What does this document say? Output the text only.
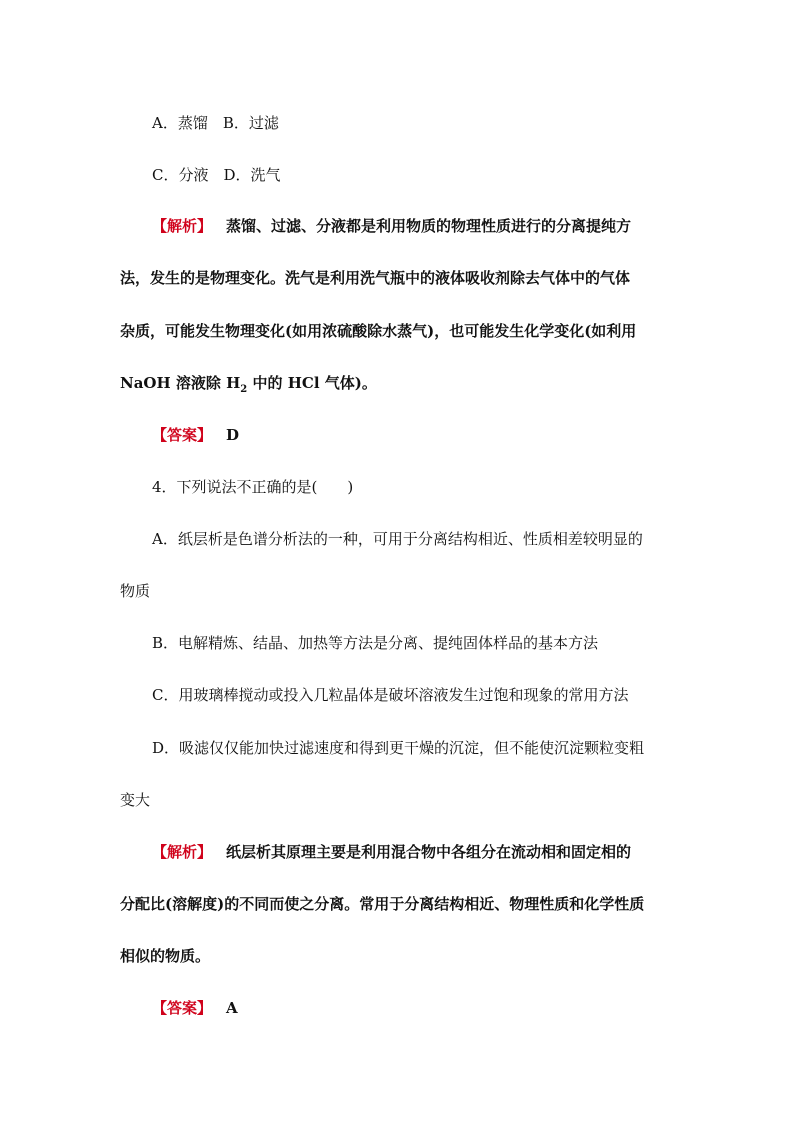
A．蒸馏　B．过滤
C．分液　D．洗气
【解析】 蒸馏、过滤、分液都是利用物质的物理性质进行的分离提纯方
法，发生的是物理变化。洗气是利用洗气瓶中的液体吸收剂除去气体中的气体
杂质，可能发生物理变化(如用浓硫酸除水蒸气)，也可能发生化学变化(如利用
NaOH 溶液除 $H_2$ 中的 HCl 气体)。
【答案】 D
4．下列说法不正确的是(　　)
A．纸层析是色谱分析法的一种，可用于分离结构相近、性质相差较明显的
物质
B．电解精炼、结晶、加热等方法是分离、提纯固体样品的基本方法
C．用玻璃棒搅动或投入几粒晶体是破坏溶液发生过饱和现象的常用方法
D．吸滤仅仅能加快过滤速度和得到更干燥的沉淀，但不能使沉淀颗粒变粗
变大
【解析】 纸层析其原理主要是利用混合物中各组分在流动相和固定相的
分配比(溶解度)的不同而使之分离。常用于分离结构相近、物理性质和化学性质
相似的物质。
【答案】 A
